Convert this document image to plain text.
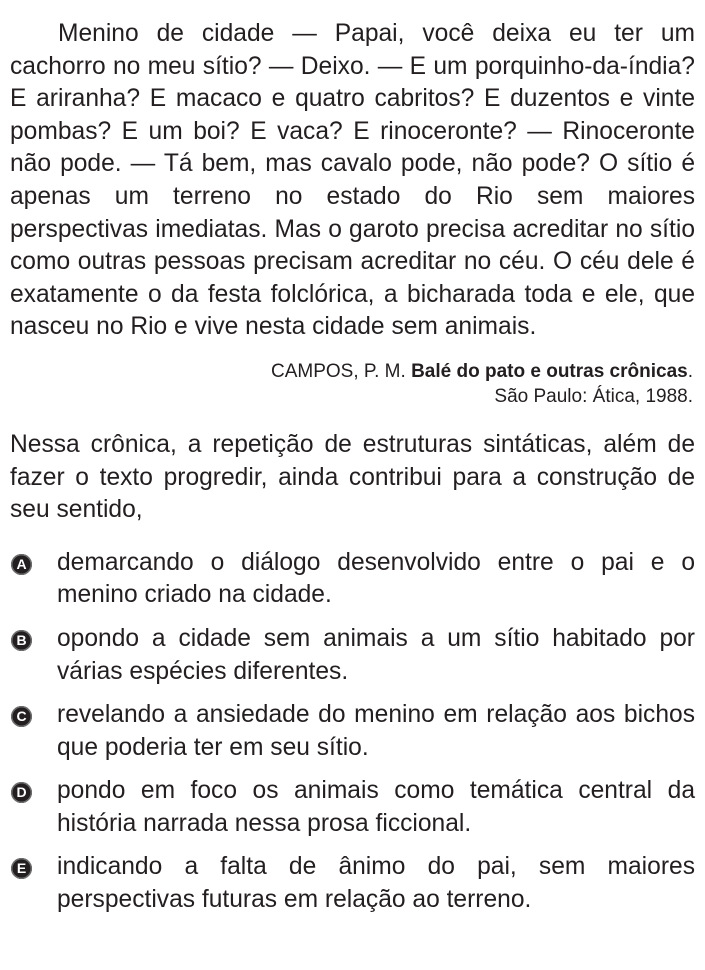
Menino de cidade — Papai, você deixa eu ter um cachorro no meu sítio? — Deixo. — E um porquinho-da-índia? E ariranha? E macaco e quatro cabritos? E duzentos e vinte pombas? E um boi? E vaca? E rinoceronte? — Rinoceronte não pode. — Tá bem, mas cavalo pode, não pode? O sítio é apenas um terreno no estado do Rio sem maiores perspectivas imediatas. Mas o garoto precisa acreditar no sítio como outras pessoas precisam acreditar no céu. O céu dele é exatamente o da festa folclórica, a bicharada toda e ele, que nasceu no Rio e vive nesta cidade sem animais.

CAMPOS, P. M. Balé do pato e outras crônicas.
São Paulo: Ática, 1988.

Nessa crônica, a repetição de estruturas sintáticas, além de fazer o texto progredir, ainda contribui para a construção de seu sentido,

A demarcando o diálogo desenvolvido entre o pai e o menino criado na cidade.
B opondo a cidade sem animais a um sítio habitado por várias espécies diferentes.
C revelando a ansiedade do menino em relação aos bichos que poderia ter em seu sítio.
D pondo em foco os animais como temática central da história narrada nessa prosa ficcional.
E indicando a falta de ânimo do pai, sem maiores perspectivas futuras em relação ao terreno.
